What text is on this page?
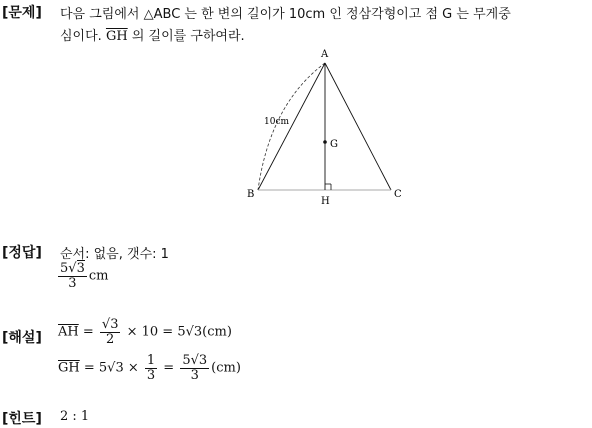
[문제] 다음 그림에서 △ABC 는 한 변의 길이가 10cm 인 정삼각형이고 점 G 는 무게중
심이다. $\overline{GH}$ 의 길이를 구하여라.
A
B	C
G
H
10cm
[정답] 순서: 없음, 갯수: 1
$\frac{5√3}{3}$ cm
[해설] $\overline{AH} = \frac{√3}{2} \times 10 = 5√3(cm)$
$\overline{GH} = 5√3 \times \frac{1}{3} = \frac{5√3}{3} (cm)$
[힌트] 2 : 1
